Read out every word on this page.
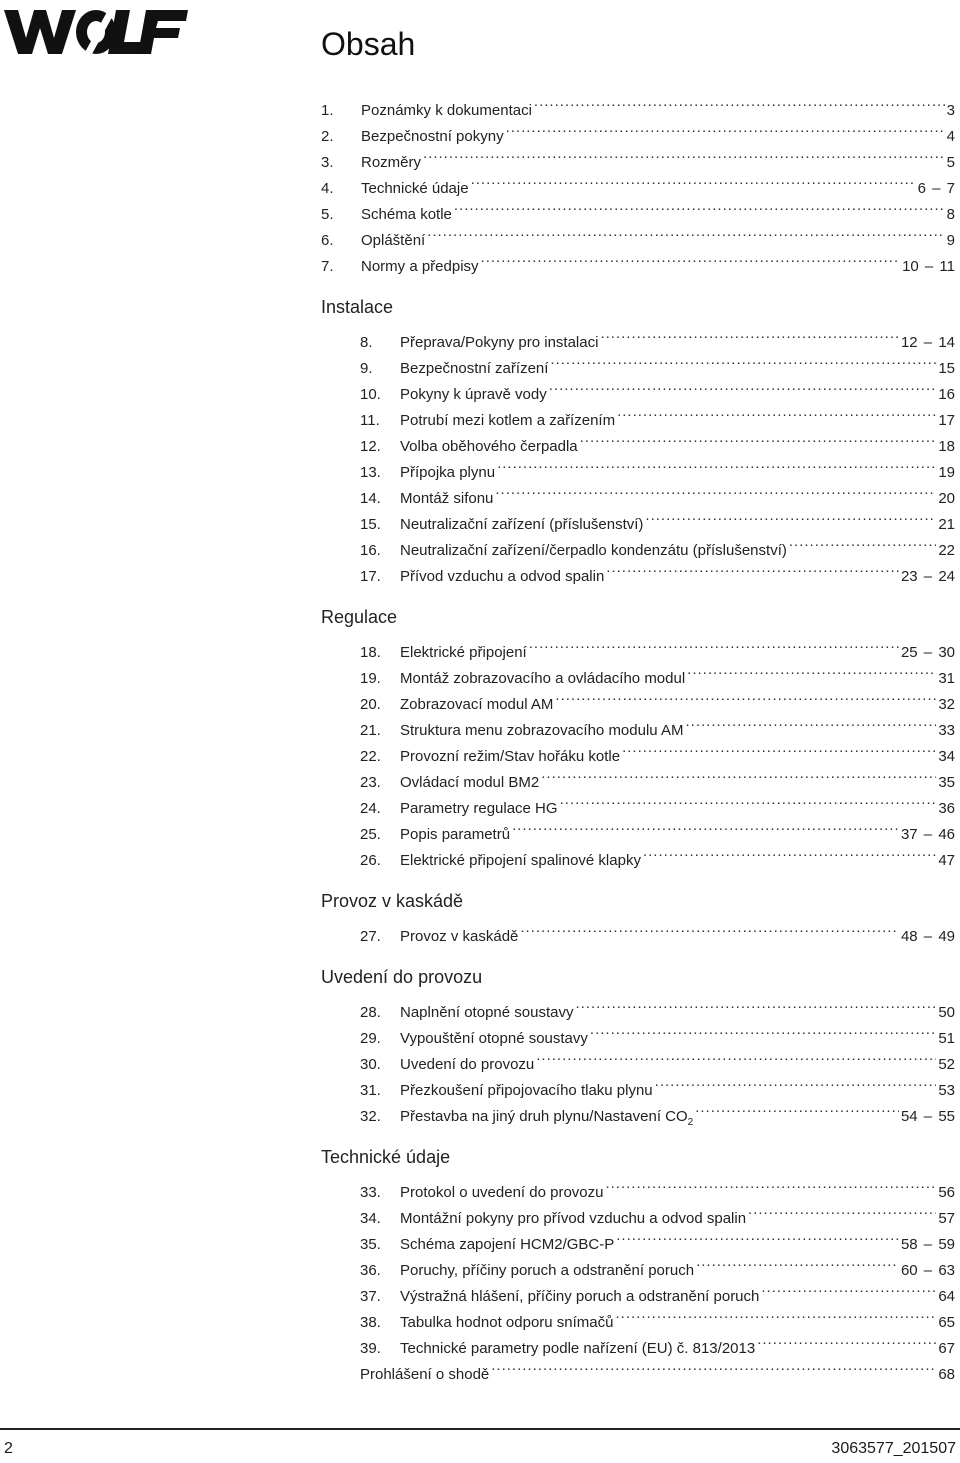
Obsah
1.	Poznámky k dokumentaci .....	3
2.	Bezpečnostní pokyny .....	4
3.	Rozměry .....	5
4.	Technické údaje .....	6 – 7
5.	Schéma kotle .....	8
6.	Opláštění .....	9
7.	Normy a předpisy .....	10 – 11
Instalace
8.	Přeprava/Pokyny pro instalaci .....	12 – 14
9.	Bezpečnostní zařízení .....	15
10.	Pokyny k úpravě vody .....	16
11.	Potrubí mezi kotlem a zařízením .....	17
12.	Volba oběhového čerpadla .....	18
13.	Přípojka plynu .....	19
14.	Montáž sifonu .....	20
15.	Neutralizační zařízení (příslušenství) .....	21
16.	Neutralizační zařízení/čerpadlo kondenzátu (příslušenství) .....	22
17.	Přívod vzduchu a odvod spalin .....	23 – 24
Regulace
18.	Elektrické připojení .....	25 – 30
19.	Montáž zobrazovacího a ovládacího modul .....	31
20.	Zobrazovací modul AM .....	32
21.	Struktura menu zobrazovacího modulu AM .....	33
22.	Provozní režim/Stav hořáku kotle .....	34
23.	Ovládací modul BM2 .....	35
24.	Parametry regulace HG .....	36
25.	Popis parametrů .....	37 – 46
26.	Elektrické připojení spalinové klapky .....	47
Provoz v kaskádě
27.	Provoz v kaskádě .....	48 – 49
Uvedení do provozu
28.	Naplnění otopné soustavy .....	50
29.	Vypouštění otopné soustavy .....	51
30.	Uvedení do provozu .....	52
31.	Přezkoušení připojovacího tlaku plynu .....	53
32.	Přestavba na jiný druh plynu/Nastavení $CO_2$ .....	54 – 55
Technické údaje
33.	Protokol o uvedení do provozu .....	56
34.	Montážní pokyny pro přívod vzduchu a odvod spalin .....	57
35.	Schéma zapojení HCM2/GBC-P .....	58 – 59
36.	Poruchy, příčiny poruch a odstranění poruch .....	60 – 63
37.	Výstražná hlášení, příčiny poruch a odstranění poruch .....	64
38.	Tabulka hodnot odporu snímačů .....	65
39.	Technické parametry podle nařízení (EU) č. 813/2013 .....	67
Prohlášení o shodě .....	68
2	3063577_201507
